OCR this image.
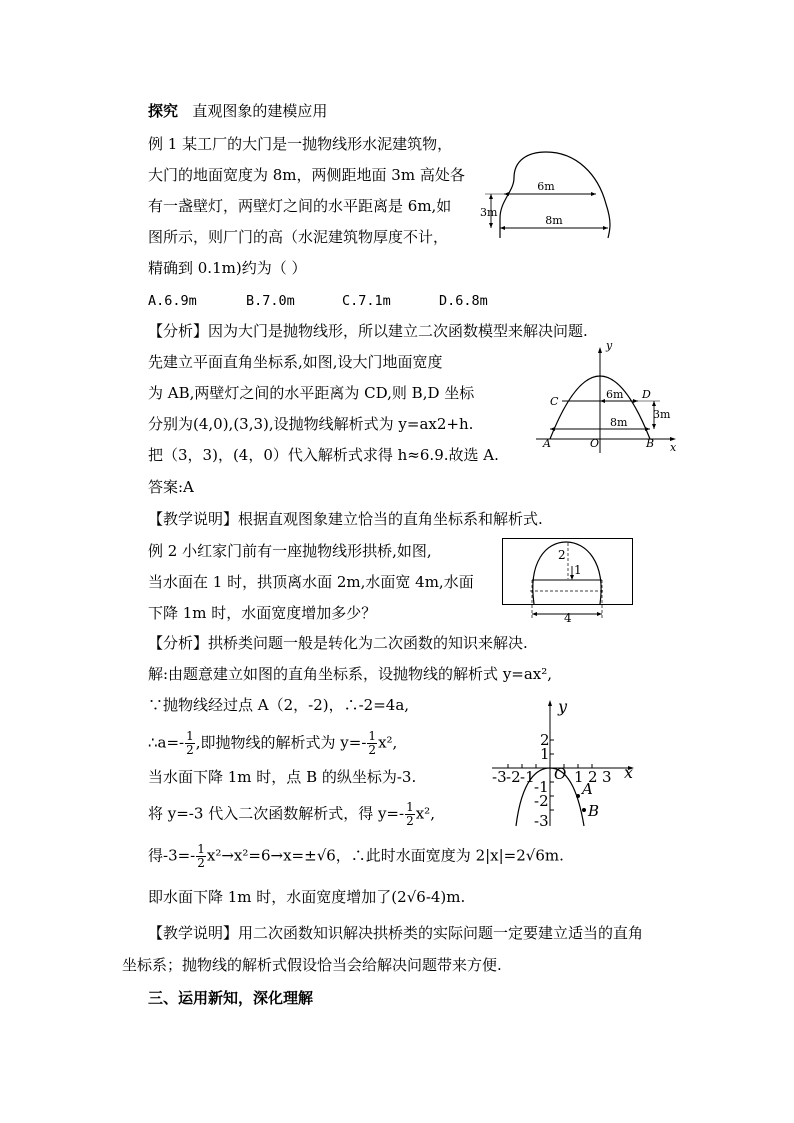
探究 直观图象的建模应用
例 1 某工厂的大门是一抛物线形水泥建筑物，
大门的地面宽度为 8m，两侧距地面 3m 高处各
有一盏壁灯，两壁灯之间的水平距离是 6m,如
图所示，则厂门的高（水泥建筑物厚度不计，
精确到 0.1m)约为（ ）
A.6.9m	B.7.0m	C.7.1m	D.6.8m
6m
8m
3m
【分析】因为大门是抛物线形，所以建立二次函数模型来解决问题.
先建立平面直角坐标系,如图,设大门地面宽度
为 AB,两壁灯之间的水平距离为 CD,则 B,D 坐标
分别为(4,0),(3,3),设抛物线解析式为 y=ax2+h.
把（3，3)，(4，0）代入解析式求得 h≈6.9.故选 A.
答案:A
y
x
A	B
C
D
O
6m
8m
3m
【教学说明】根据直观图象建立恰当的直角坐标系和解析式.
例 2 小红家门前有一座抛物线形拱桥,如图,
当水面在 1 时，拱顶离水面 2m,水面宽 4m,水面
下降 1m 时，水面宽度增加多少？
2
1
4
【分析】拱桥类问题一般是转化为二次函数的知识来解决.
解:由题意建立如图的直角坐标系，设抛物线的解析式 y=ax²,
∵抛物线经过点 A（2，-2)，∴-2=4a,
∴a=- $\frac{1}{2}$ ,即抛物线的解析式为 $y=- \frac{1}{2} x^2$,
当水面下降 1m 时，点 B 的纵坐标为-3.
将 y=-3 代入二次函数解析式，得 $y=- \frac{1}{2} x^2$,
得$-3=- \frac{1}{2} x^2\to x^2=6\to x=\pm√6$，∴此时水面宽度为 2|x|=2√6m.
即水面下降 1m 时，水面宽度增加了(2√6-4)m.
-3 -2 -1	1 2 3
2
1
-1
-2
-3
O	x
y
A
B
【教学说明】用二次函数知识解决拱桥类的实际问题一定要建立适当的直角
坐标系；抛物线的解析式假设恰当会给解决问题带来方便.
三、运用新知，深化理解
